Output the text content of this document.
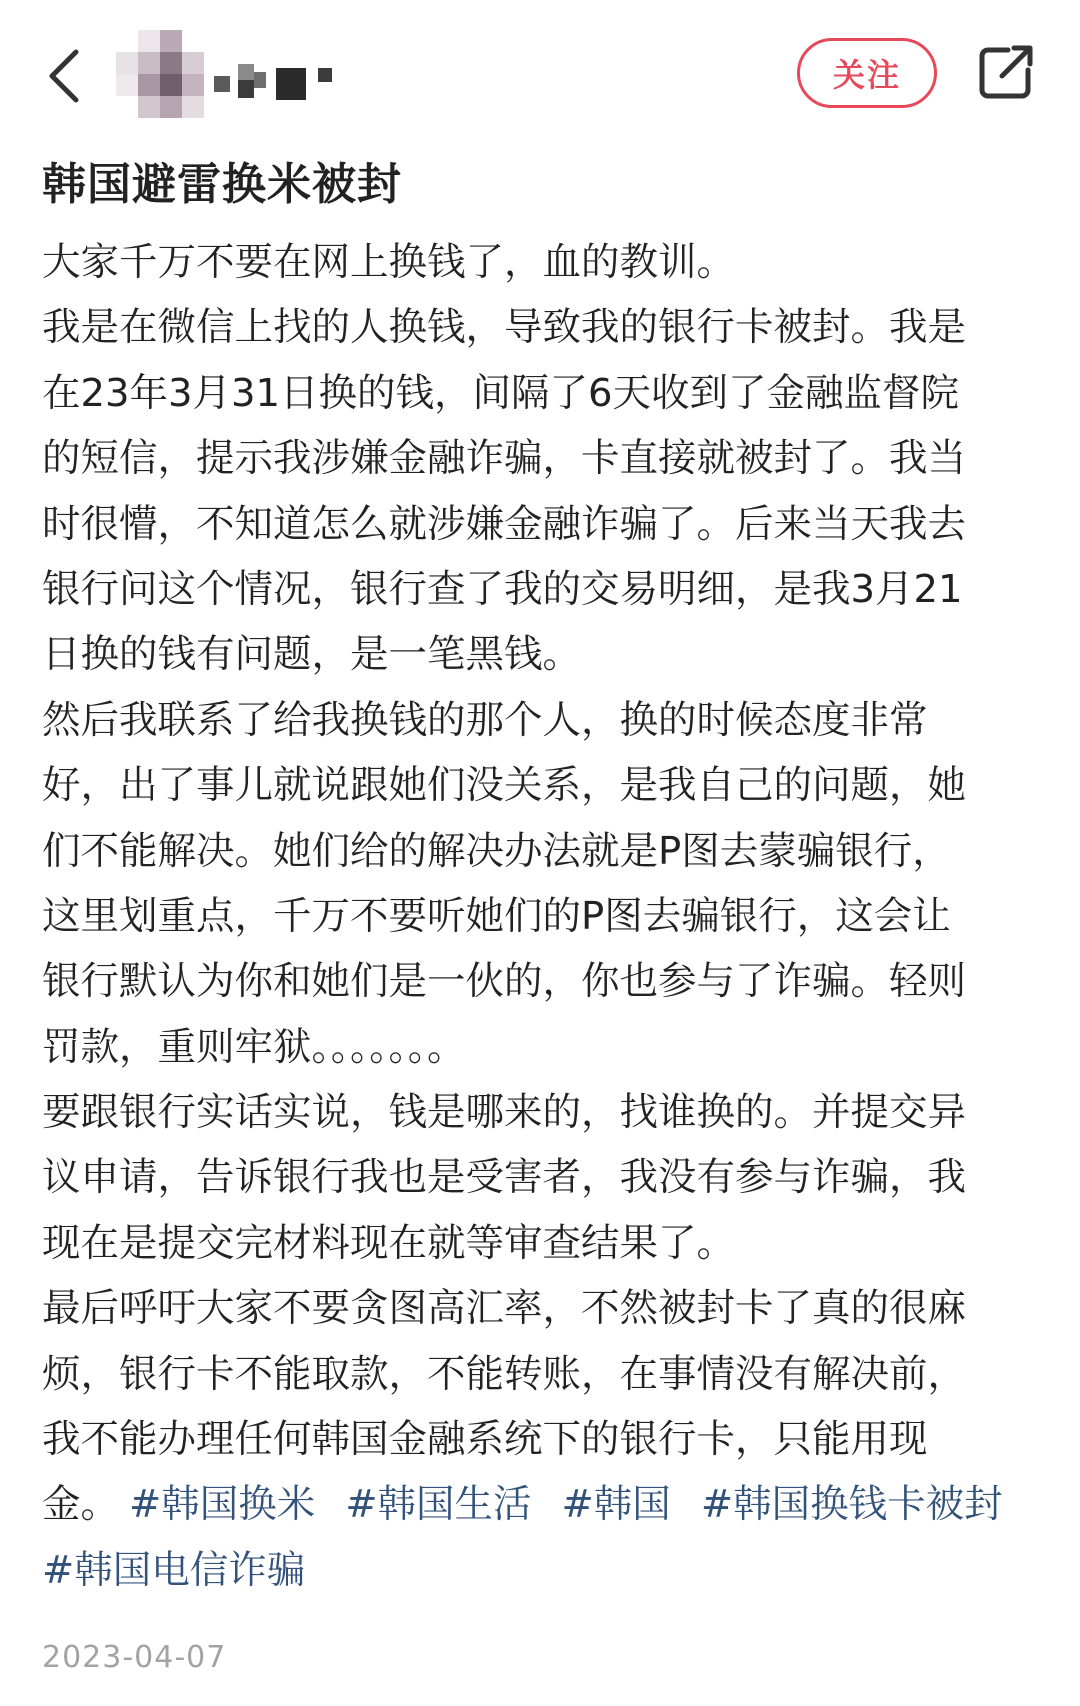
关注
韩国避雷换米被封
大家千万不要在网上换钱了，血的教训。
我是在微信上找的人换钱，导致我的银行卡被封。我是
在23年3月31日换的钱，间隔了6天收到了金融监督院
的短信，提示我涉嫌金融诈骗，卡直接就被封了。我当
时很懵，不知道怎么就涉嫌金融诈骗了。后来当天我去
银行问这个情况，银行查了我的交易明细，是我3月21
日换的钱有问题，是一笔黑钱。
然后我联系了给我换钱的那个人，换的时候态度非常
好，出了事儿就说跟她们没关系，是我自己的问题，她
们不能解决。她们给的解决办法就是P图去蒙骗银行，
这里划重点，千万不要听她们的P图去骗银行，这会让
银行默认为你和她们是一伙的，你也参与了诈骗。轻则
罚款，重则牢狱。。。。。。。
要跟银行实话实说，钱是哪来的，找谁换的。并提交异
议申请，告诉银行我也是受害者，我没有参与诈骗，我
现在是提交完材料现在就等审查结果了。
最后呼吁大家不要贪图高汇率，不然被封卡了真的很麻
烦，银行卡不能取款，不能转账，在事情没有解决前，
我不能办理任何韩国金融系统下的银行卡，只能用现
金。 #韩国换米 #韩国生活 #韩国 #韩国换钱卡被封
#韩国电信诈骗
2023-04-07
